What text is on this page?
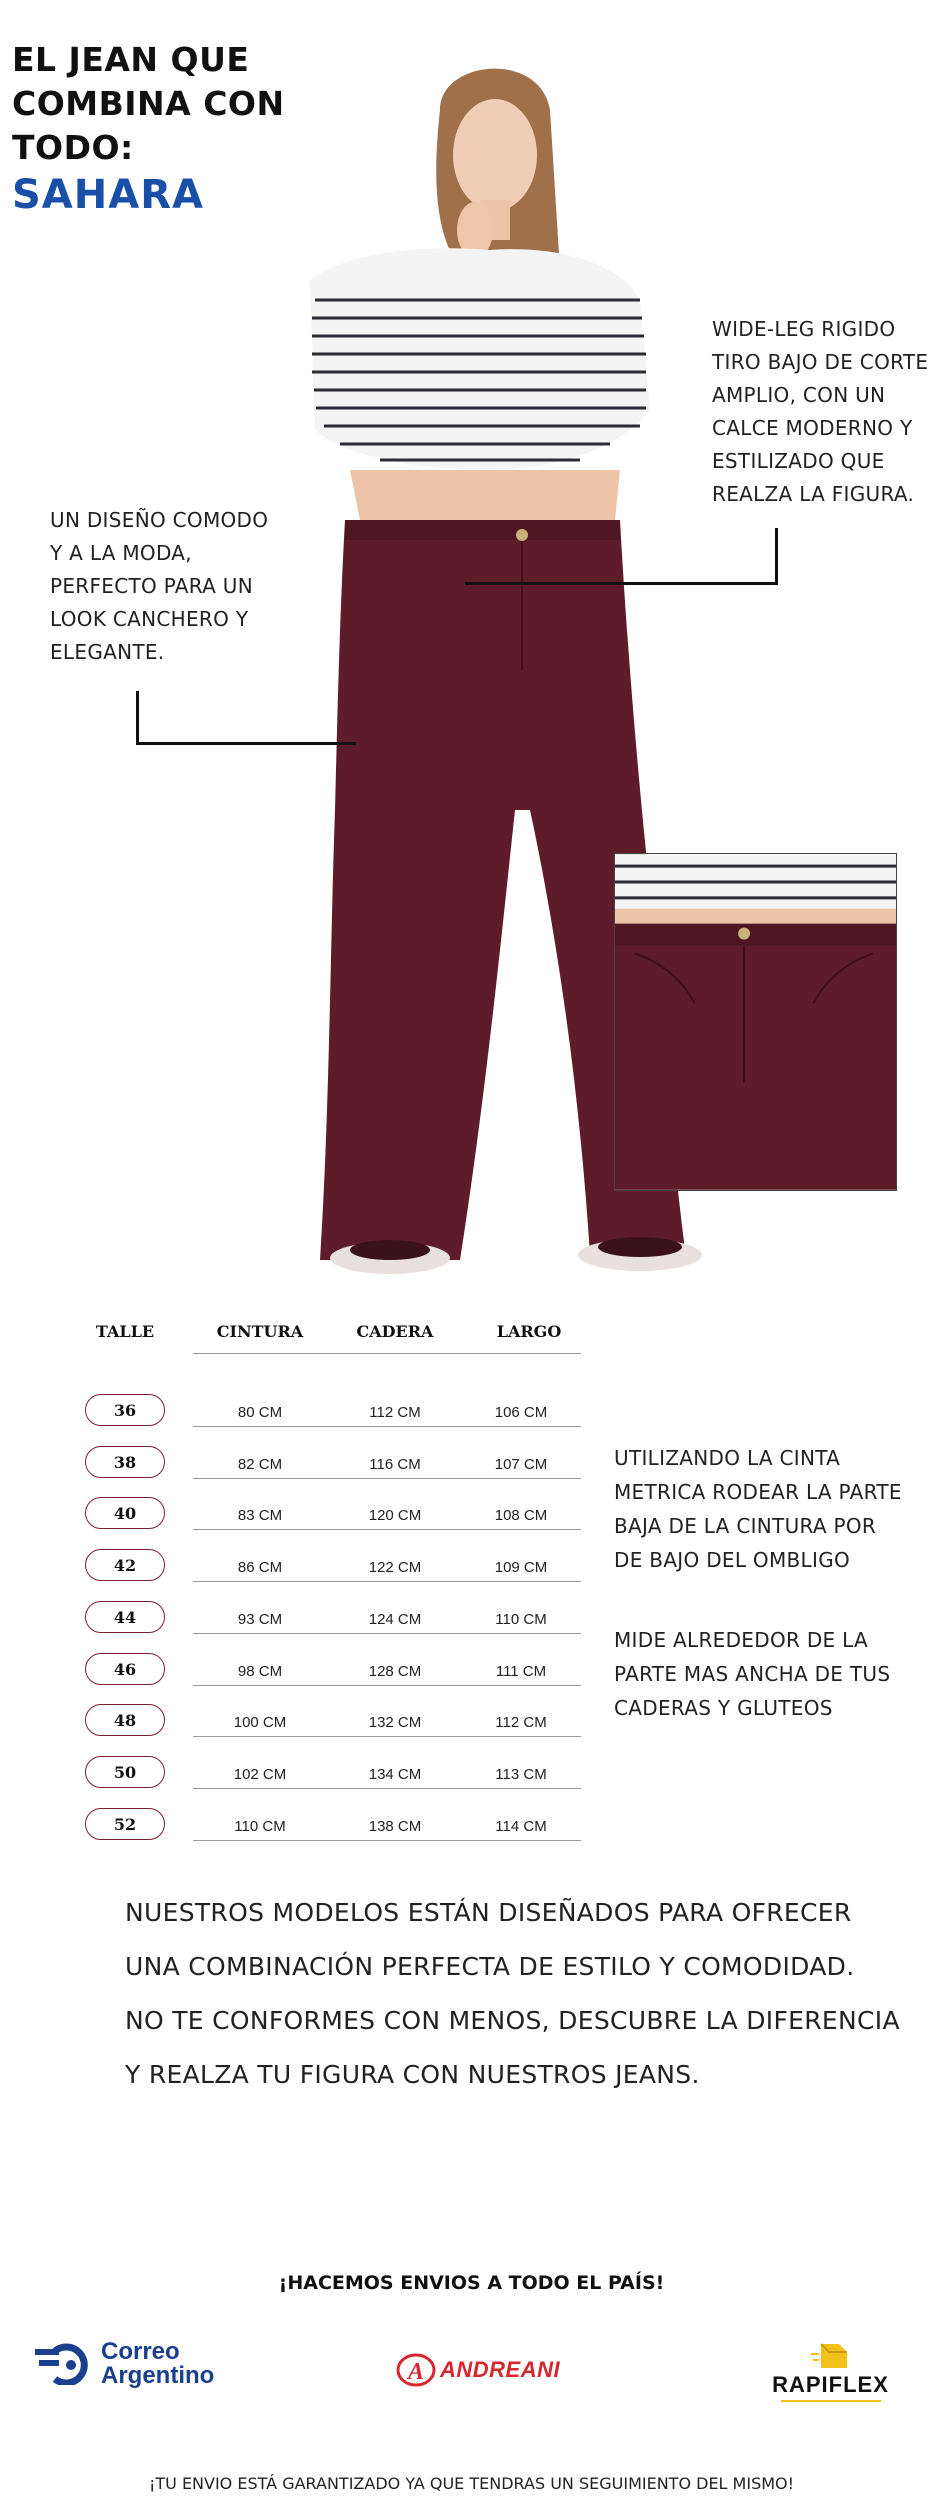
EL JEAN QUE
COMBINA CON
TODO:
SAHARA
WIDE-LEG RIGIDO
TIRO BAJO DE CORTE
AMPLIO, CON UN
CALCE MODERNO Y
ESTILIZADO QUE
REALZA LA FIGURA.
UN DISEÑO COMODO
Y A LA MODA,
PERFECTO PARA UN
LOOK CANCHERO Y
ELEGANTE.
TALLE	CINTURA	CADERA	LARGO
36	80 CM	112 CM	106 CM
38	82 CM	116 CM	107 CM
40	83 CM	120 CM	108 CM
42	86 CM	122 CM	109 CM
44	93 CM	124 CM	110 CM
46	98 CM	128 CM	111 CM
48	100 CM	132 CM	112 CM
50	102 CM	134 CM	113 CM
52	110 CM	138 CM	114 CM
UTILIZANDO LA CINTA
METRICA RODEAR LA PARTE
BAJA DE LA CINTURA POR
DE BAJO DEL OMBLIGO
MIDE ALREDEDOR DE LA
PARTE MAS ANCHA DE TUS
CADERAS Y GLUTEOS
NUESTROS MODELOS ESTÁN DISEÑADOS PARA OFRECER
UNA COMBINACIÓN PERFECTA DE ESTILO Y COMODIDAD.
NO TE CONFORMES CON MENOS, DESCUBRE LA DIFERENCIA
Y REALZA TU FIGURA CON NUESTROS JEANS.
¡HACEMOS ENVIOS A TODO EL PAÍS!
Correo
Argentino	A ANDREANI
RAPIFLEX
¡TU ENVIO ESTÁ GARANTIZADO YA QUE TENDRAS UN SEGUIMIENTO DEL MISMO!
